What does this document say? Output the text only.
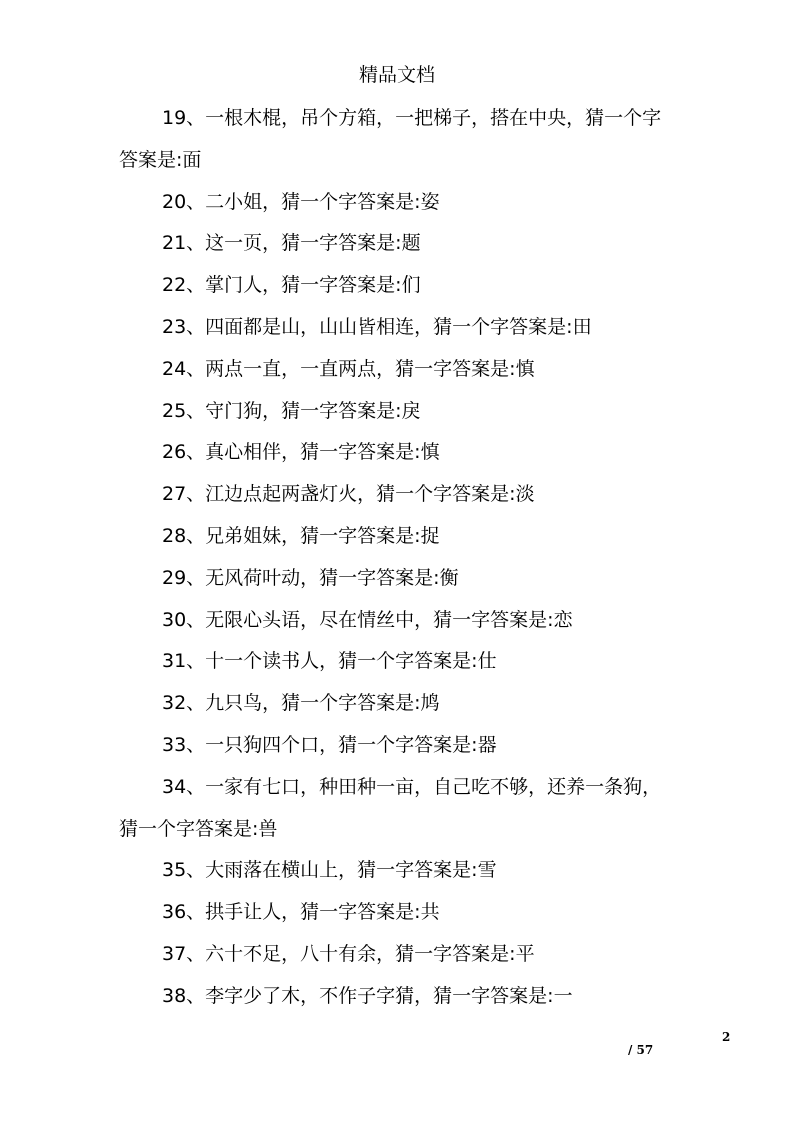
精品文档

19、一根木棍，吊个方箱，一把梯子，搭在中央，猜一个字答案是:面

20、二小姐，猜一个字答案是:姿

21、这一页，猜一字答案是:题

22、掌门人，猜一字答案是:们

23、四面都是山，山山皆相连，猜一个字答案是:田

24、两点一直，一直两点，猜一字答案是:慎

25、守门狗，猜一字答案是:戾

26、真心相伴，猜一字答案是:慎

27、江边点起两盏灯火，猜一个字答案是:淡

28、兄弟姐妹，猜一字答案是:捉

29、无风荷叶动，猜一字答案是:衡

30、无限心头语，尽在情丝中，猜一字答案是:恋

31、十一个读书人，猜一个字答案是:仕

32、九只鸟，猜一个字答案是:鸠

33、一只狗四个口，猜一个字答案是:器

34、一家有七口，种田种一亩，自己吃不够，还养一条狗，猜一个字答案是:兽

35、大雨落在横山上，猜一字答案是:雪

36、拱手让人，猜一字答案是:共

37、六十不足，八十有余，猜一字答案是:平

38、李字少了木，不作子字猜，猜一字答案是:一

2
/ 57
